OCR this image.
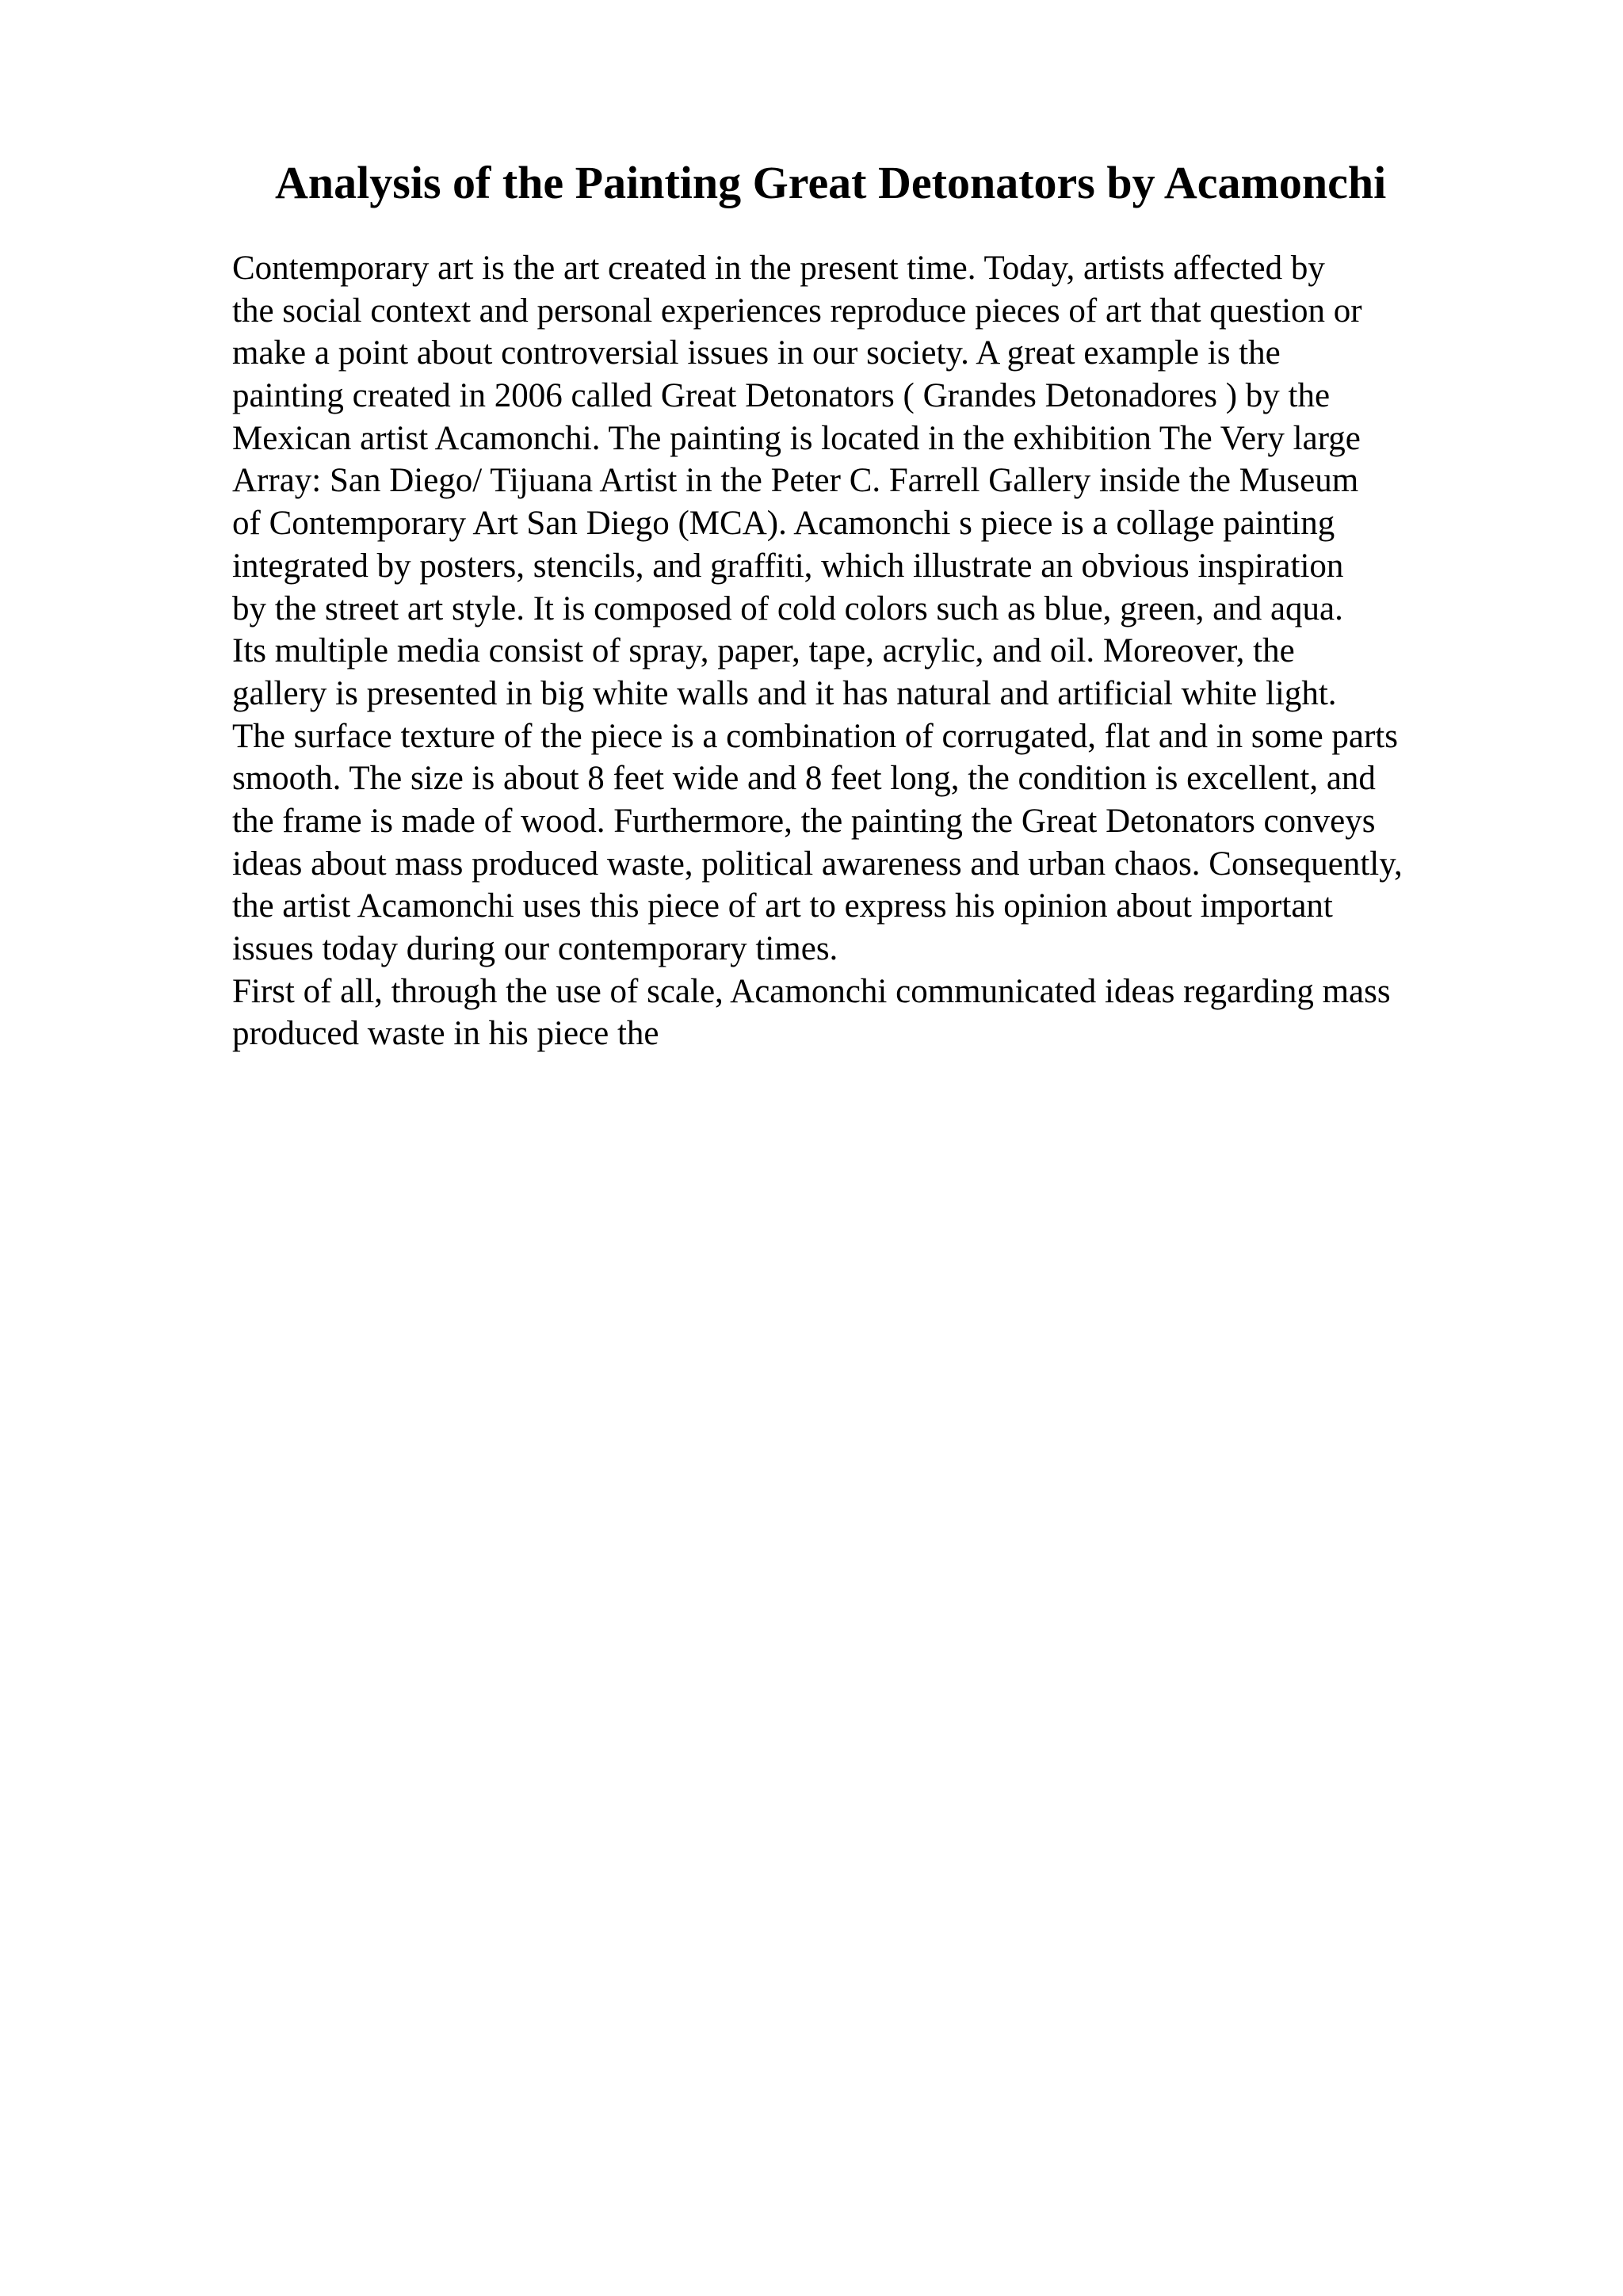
Analysis of the Painting Great Detonators by Acamonchi
Contemporary art is the art created in the present time. Today, artists affected by
the social context and personal experiences reproduce pieces of art that question or
make a point about controversial issues in our society. A great example is the
painting created in 2006 called Great Detonators ( Grandes Detonadores ) by the
Mexican artist Acamonchi. The painting is located in the exhibition The Very large
Array: San Diego/ Tijuana Artist in the Peter C. Farrell Gallery inside the Museum
of Contemporary Art San Diego (MCA). Acamonchi s piece is a collage painting
integrated by posters, stencils, and graffiti, which illustrate an obvious inspiration
by the street art style. It is composed of cold colors such as blue, green, and aqua.
Its multiple media consist of spray, paper, tape, acrylic, and oil. Moreover, the
gallery is presented in big white walls and it has natural and artificial white light.
The surface texture of the piece is a combination of corrugated, flat and in some parts
smooth. The size is about 8 feet wide and 8 feet long, the condition is excellent, and
the frame is made of wood. Furthermore, the painting the Great Detonators conveys
ideas about mass produced waste, political awareness and urban chaos. Consequently,
the artist Acamonchi uses this piece of art to express his opinion about important
issues today during our contemporary times.
First of all, through the use of scale, Acamonchi communicated ideas regarding mass
produced waste in his piece the
